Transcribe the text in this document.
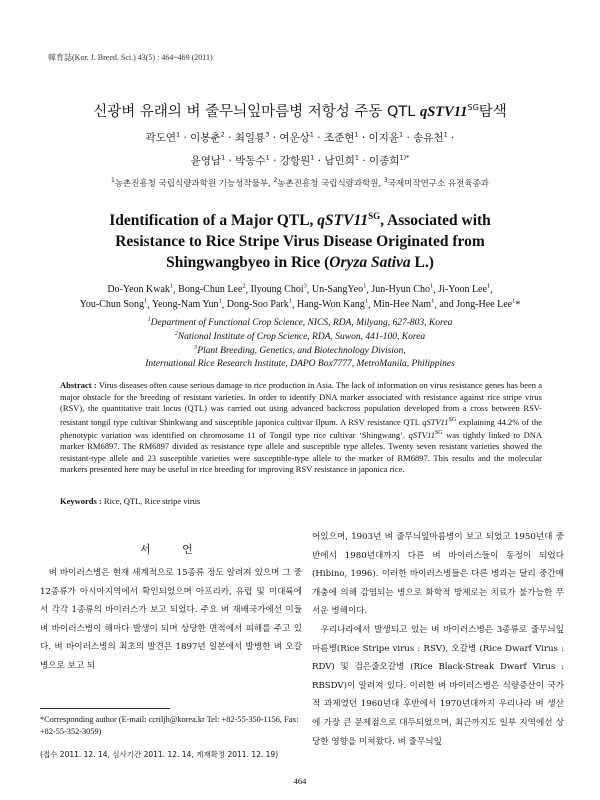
韓育誌(Kor. J. Breed. Sci.) 43(5) : 464~469 (2011)
신광벼 유래의 벼 줄무늬잎마름병 저항성 주동 QTL $qSTV11^{SG}$탐색
곽도연$^1$ · 이봉춘$^2$ · 최일룡$^3$ · 여운상$^1$ · 조준현$^1$ · 이지윤$^1$ · 송유천$^1$ ·
윤영남$^1$ · 박동수$^1$ · 강항원$^1$ · 남민희$^1$ · 이종희$^{1)*}$
$^1$농촌진흥청 국립식량과학원 기능성작물부, $^2$농촌진흥청 국립식량과학원, $^3$국제미작연구소 유전육종과
Identification of a Major QTL, $qSTV11^{SG}$, Associated with
Resistance to Rice Stripe Virus Disease Originated from
Shingwangbyeo in Rice (Oryza Sativa L.)
Do-Yeon Kwak$^1$, Bong-Chun Lee$^2$, Ilyoung Choi$^3$, Un-SangYeo$^1$, Jun-Hyun Cho$^1$, Ji-Yoon Lee$^1$,
You-Chun Song$^1$, Yeong-Nam Yun$^1$, Dong-Soo Park$^1$, Hang-Won Kang$^1$, Min-Hee Nam$^1$, and Jong-Hee Lee$^1$*
$^1$Department of Functional Crop Science, NICS, RDA, Milyang, 627-803, Korea
$^2$National Institute of Crop Science, RDA, Suwon, 441-100, Korea
$^3$Plant Breeding, Genetics, and Biotechnology Division,
International Rice Research Institute, DAPO Box7777, MetroManila, Philippines
Abstract : Virus diseases often cause serious damage to rice production in Asia. The lack of information on virus resistance genes has been a major obstacle for the breeding of resistant varieties. In order to identify DNA marker associated with resistance against rice stripe virus (RSV), the quantitative trait locus (QTL) was carried out using advanced backcross population developed from a cross between RSV-resistant tongil type cultivar Shinkwang and susceptible japonica cultivar Ilpum. A RSV resistance QTL $qSTV11^{SG}$ explaining 44.2% of the phenotypic variation was identified on chromosome 11 of Tongil type rice cultivar ‘Shingwang’. $qSTV11^{SG}$ was tightly linked to DNA marker RM6897. The RM6897 divided as resistance type allele and susceptible type alleles. Twenty seven resistant varieties showed the resistant-type allele and 23 susceptible varieties were susceptible-type allele to the marker of RM6897. This results and the molecular markers presented here may be useful in rice breeding for improving RSV resistance in japonica rice.
Keywords : Rice, QTL, Rice stripe virus
서 언

벼 바이러스병은 현재 세계적으로 15종류 정도 알려져 있으며 그 중 12종류가 아시아지역에서 확인되었으며 아프리카, 유럽 및 미대륙에서 각각 1종류의 바이러스가 보고 되었다. 주요 벼 재배국가에선 이들 벼 바이러스병이 해마다 발생이 되며 상당한 면적에서 피해를 주고 있다. 벼 바이러스병의 최초의 발견은 1897년 일본에서 발병한 벼 오갈병으로 보고 되

어있으며, 1903년 벼 줄무늬잎마름병이 보고 되었고 1950년대 중반에서 1980년대까지 다른 벼 바이러스들이 동정이 되었다(Hibino, 1996). 이러한 바이러스병들은 다른 병과는 달리 중간매개충에 의해 감염되는 병으로 화학적 방제로는 치료가 불가능한 무서운 병해이다.

우리나라에서 발생되고 있는 벼 바이러스병은 3종류로 줄무늬잎마름병(Rice Stripe virus : RSV), 오갈병 (Rice Dwarf Virus : RDV) 및 검은줄오갈병 (Rice Black-Streak Dwarf Virus : RBSDV)이 알려져 있다. 이러한 벼 바이러스병은 식량증산이 국가적 과제였던 1960년대 후반에서 1970년대까지 우리나라 벼 생산에 가장 큰 문제점으로 대두되었으며, 최근까지도 일부 지역에선 상당한 영향을 미쳐왔다. 벼 줄무늬잎

*Corresponding author (E-mail: ccriljh@korea.kr Tel: +82-55-350-1156, Fax: +82-55-352-3059)
(접수 2011. 12. 14, 심사기간 2011. 12. 14, 게재확정 2011. 12. 19)
464
